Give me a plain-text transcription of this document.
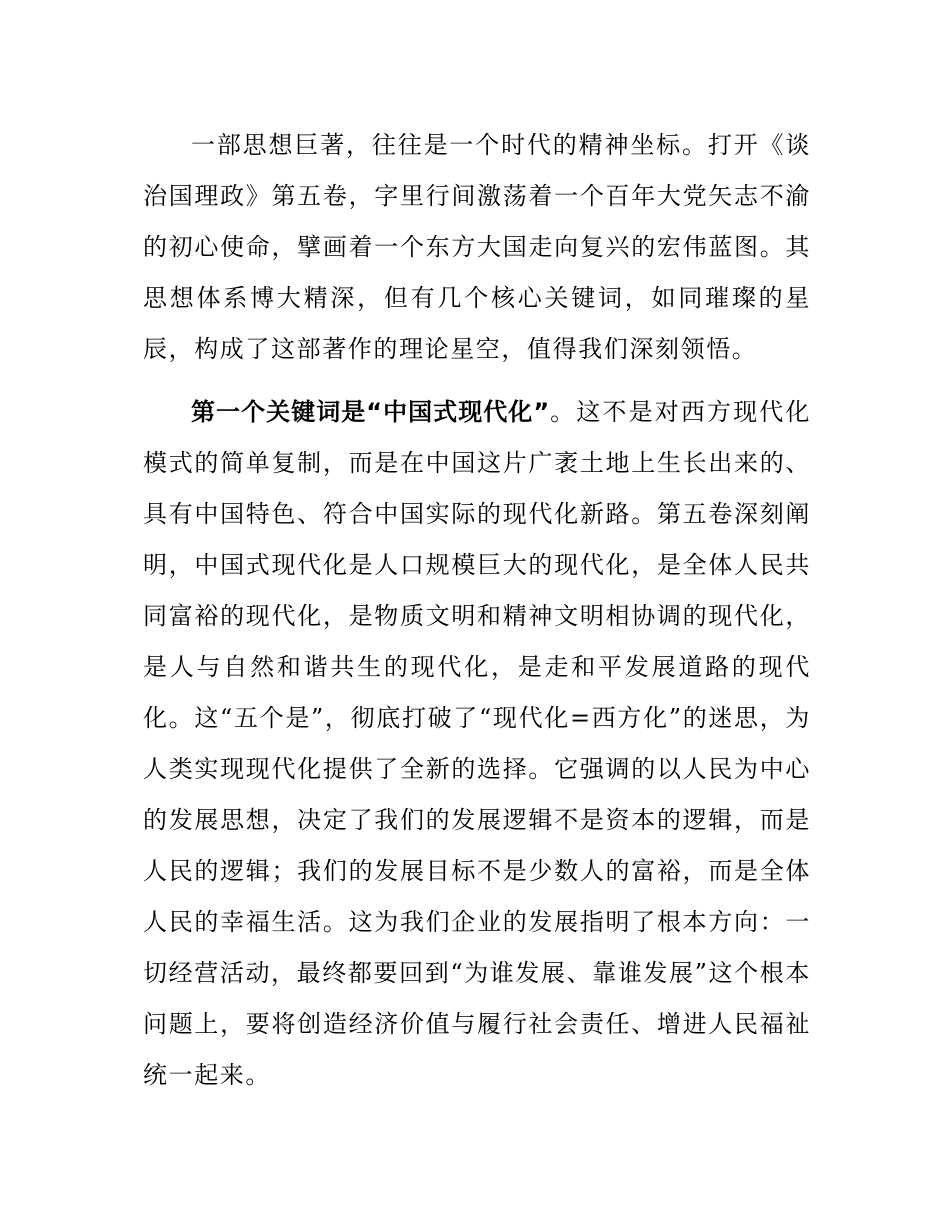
一部思想巨著，往往是一个时代的精神坐标。打开《谈治国理政》第五卷，字里行间激荡着一个百年大党矢志不渝的初心使命，擘画着一个东方大国走向复兴的宏伟蓝图。其思想体系博大精深，但有几个核心关键词，如同璀璨的星辰，构成了这部著作的理论星空，值得我们深刻领悟。

第一个关键词是“中国式现代化”。这不是对西方现代化模式的简单复制，而是在中国这片广袤土地上生长出来的、具有中国特色、符合中国实际的现代化新路。第五卷深刻阐明，中国式现代化是人口规模巨大的现代化，是全体人民共同富裕的现代化，是物质文明和精神文明相协调的现代化，是人与自然和谐共生的现代化，是走和平发展道路的现代化。这“五个是”，彻底打破了“现代化=西方化”的迷思，为人类实现现代化提供了全新的选择。它强调的以人民为中心的发展思想，决定了我们的发展逻辑不是资本的逻辑，而是人民的逻辑；我们的发展目标不是少数人的富裕，而是全体人民的幸福生活。这为我们企业的发展指明了根本方向：一切经营活动，最终都要回到“为谁发展、靠谁发展”这个根本问题上，要将创造经济价值与履行社会责任、增进人民福祉统一起来。
